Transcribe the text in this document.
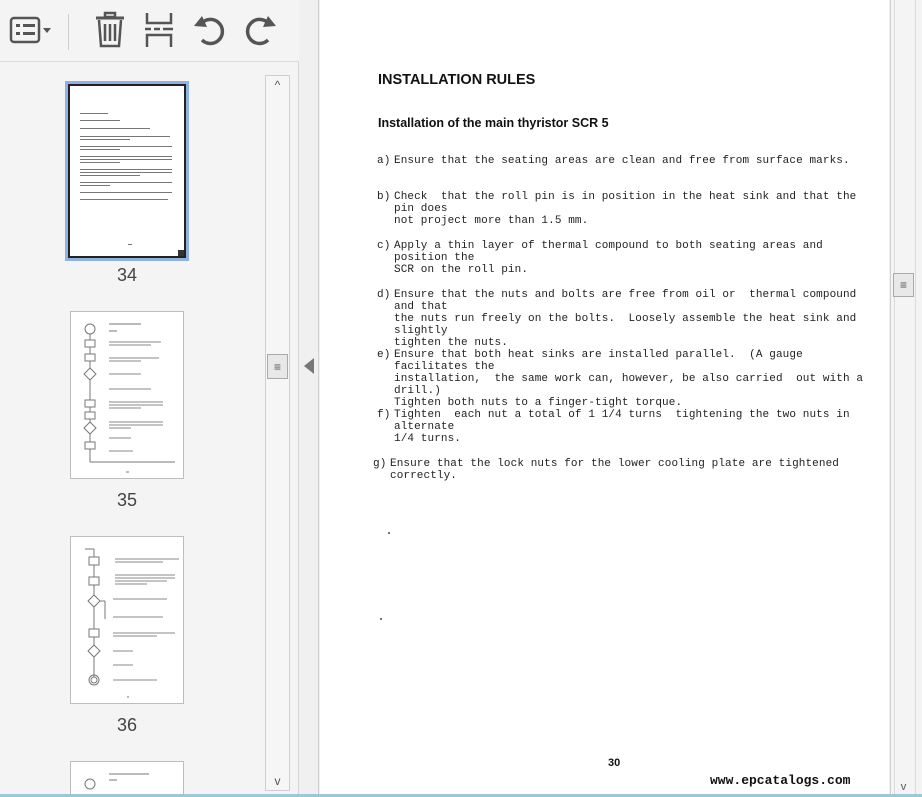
34
35
36
^
≡
v
INSTALLATION RULES
Installation of the main thyristor SCR 5
a) Ensure that the seating areas are clean and free from surface marks.
b) Check  that the roll pin is in position in the heat sink and that the pin does
not project more than 1.5 mm.
c) Apply a thin layer of thermal compound to both seating areas and  position the
SCR on the roll pin.
d) Ensure that the nuts and bolts are free from oil or  thermal compound and that
the nuts run freely on the bolts.  Loosely assemble the heat sink and slightly
tighten the nuts.
e) Ensure that both heat sinks are installed parallel.  (A gauge  facilitates the
installation,  the same work can, however, be also carried  out with a drill.)
Tighten both nuts to a finger-tight torque.
f) Tighten  each nut a total of 1 1/4 turns  tightening the two nuts in alternate
1/4 turns.
g) Ensure that the lock nuts for the lower cooling plate are tightened correctly.
30
www.epcatalogs.com
≡
v
